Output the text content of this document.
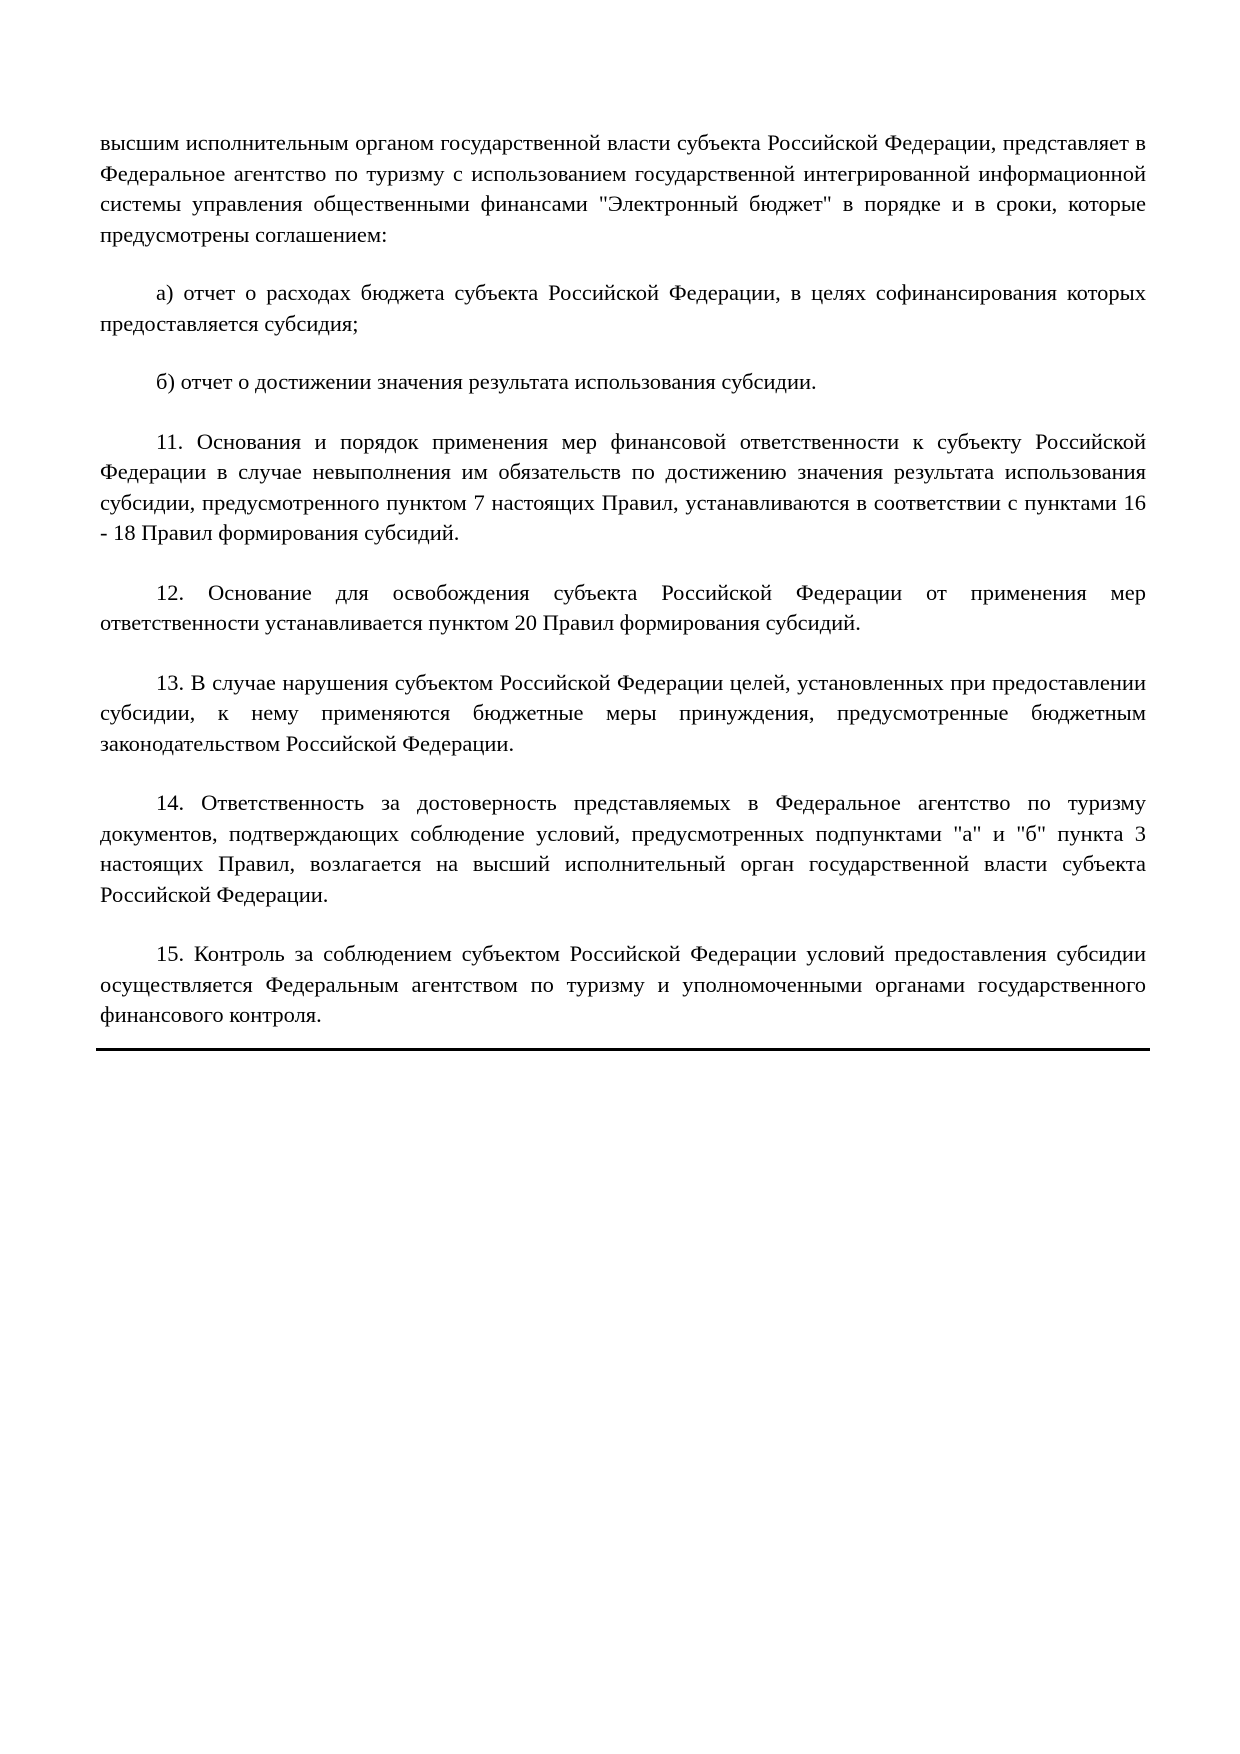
высшим исполнительным органом государственной власти субъекта Российской Федерации, представляет в Федеральное агентство по туризму с использованием государственной интегрированной информационной системы управления общественными финансами "Электронный бюджет" в порядке и в сроки, которые предусмотрены соглашением:

а) отчет о расходах бюджета субъекта Российской Федерации, в целях софинансирования которых предоставляется субсидия;

б) отчет о достижении значения результата использования субсидии.

11. Основания и порядок применения мер финансовой ответственности к субъекту Российской Федерации в случае невыполнения им обязательств по достижению значения результата использования субсидии, предусмотренного пунктом 7 настоящих Правил, устанавливаются в соответствии с пунктами 16 - 18 Правил формирования субсидий.

12. Основание для освобождения субъекта Российской Федерации от применения мер ответственности устанавливается пунктом 20 Правил формирования субсидий.

13. В случае нарушения субъектом Российской Федерации целей, установленных при предоставлении субсидии, к нему применяются бюджетные меры принуждения, предусмотренные бюджетным законодательством Российской Федерации.

14. Ответственность за достоверность представляемых в Федеральное агентство по туризму документов, подтверждающих соблюдение условий, предусмотренных подпунктами "а" и "б" пункта 3 настоящих Правил, возлагается на высший исполнительный орган государственной власти субъекта Российской Федерации.

15. Контроль за соблюдением субъектом Российской Федерации условий предоставления субсидии осуществляется Федеральным агентством по туризму и уполномоченными органами государственного финансового контроля.
